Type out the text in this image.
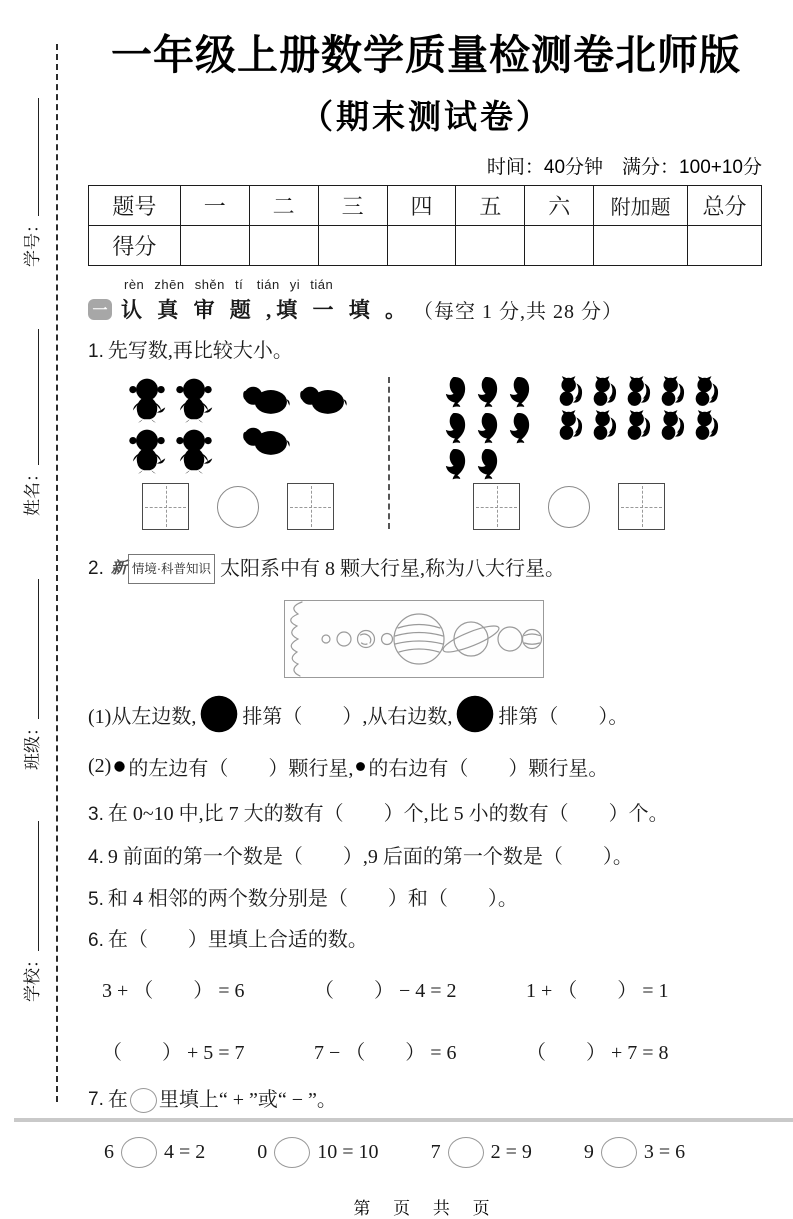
学号：
姓名：
班级：
学校：
一年级上册数学质量检测卷北师版
（期末测试卷）
时间：40分钟　满分：100+10分
题号	一	二	三	四	五	六	附加题	总分
得分								
rèn zhēn shěn tí　tián yi tián
一 认 真 审 题 ,填 一 填 。 （每空 1 分,共 28 分）
1. 先写数,再比较大小。
2. 新 情境·科普知识 太阳系中有 8 颗大行星,称为八大行星。
(1)从左边数, 排第（　　）,从右边数, 排第（　　）。
(2) 的左边有（　　）颗行星, 的右边有（　　）颗行星。
3. 在 0~10 中,比 7 大的数有（　　）个,比 5 小的数有（　　）个。
4. 9 前面的第一个数是（　　）,9 后面的第一个数是（　　）。
5. 和 4 相邻的两个数分别是（　　）和（　　）。
6. 在（　　）里填上合适的数。
3 + （　　） = 6	（　　） − 4 = 2	1 + （　　） = 1
（　　） + 5 = 7	7 − （　　） = 6	（　　） + 7 = 8
7. 在 里填上“ + ”或“ − ”。
6	4 = 2	0	10 = 10	7	2 = 9	9	3 = 6
第 页 共 页
